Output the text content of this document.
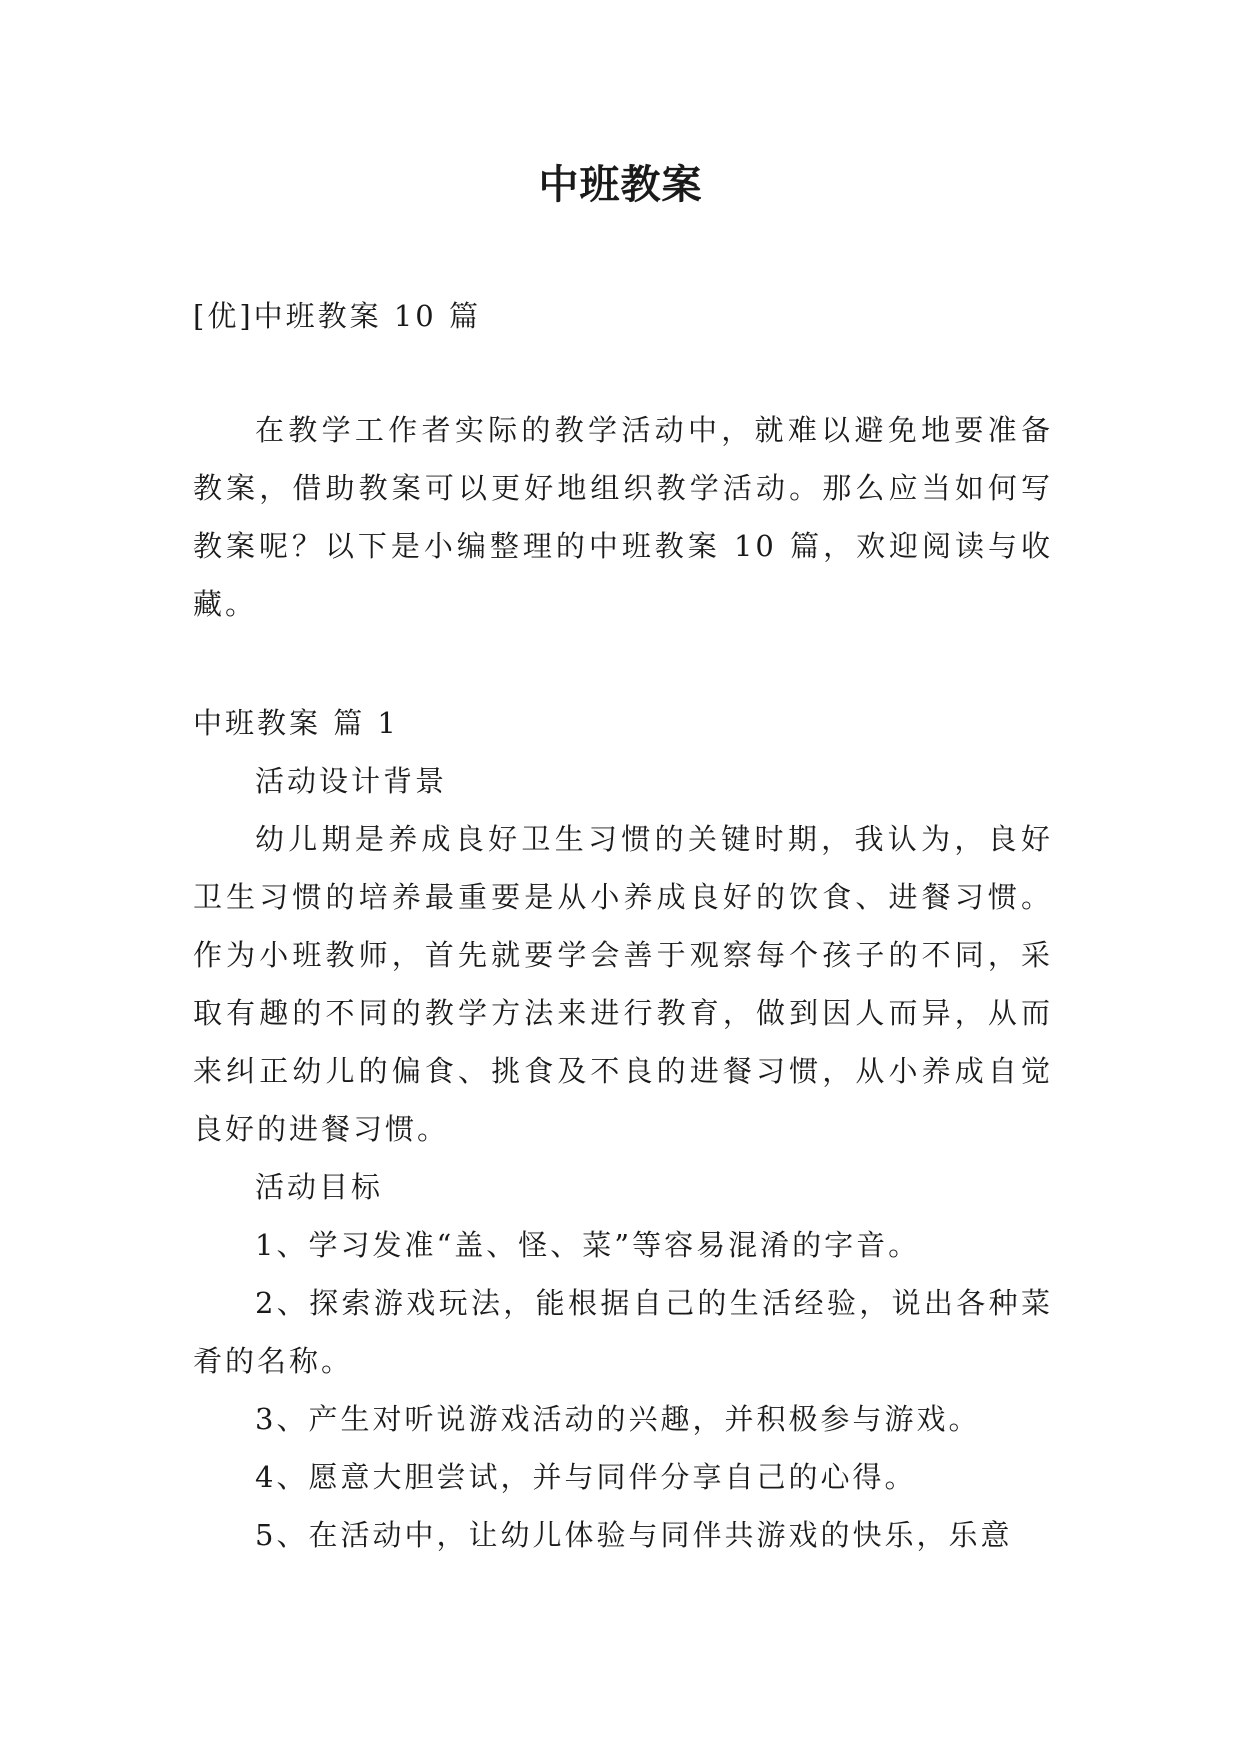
中班教案
[优]中班教案 10 篇
在教学工作者实际的教学活动中，就难以避免地要准备教案，借助教案可以更好地组织教学活动。那么应当如何写教案呢？以下是小编整理的中班教案 10 篇，欢迎阅读与收藏。

中班教案 篇 1

活动设计背景

幼儿期是养成良好卫生习惯的关键时期，我认为，良好卫生习惯的培养最重要是从小养成良好的饮食、进餐习惯。作为小班教师，首先就要学会善于观察每个孩子的不同，采取有趣的不同的教学方法来进行教育，做到因人而异，从而来纠正幼儿的偏食、挑食及不良的进餐习惯，从小养成自觉良好的进餐习惯。

活动目标

1、学习发准“盖、怪、菜”等容易混淆的字音。

2、探索游戏玩法，能根据自己的生活经验，说出各种菜肴的名称。

3、产生对听说游戏活动的兴趣，并积极参与游戏。

4、愿意大胆尝试，并与同伴分享自己的心得。

5、在活动中，让幼儿体验与同伴共游戏的快乐，乐意
